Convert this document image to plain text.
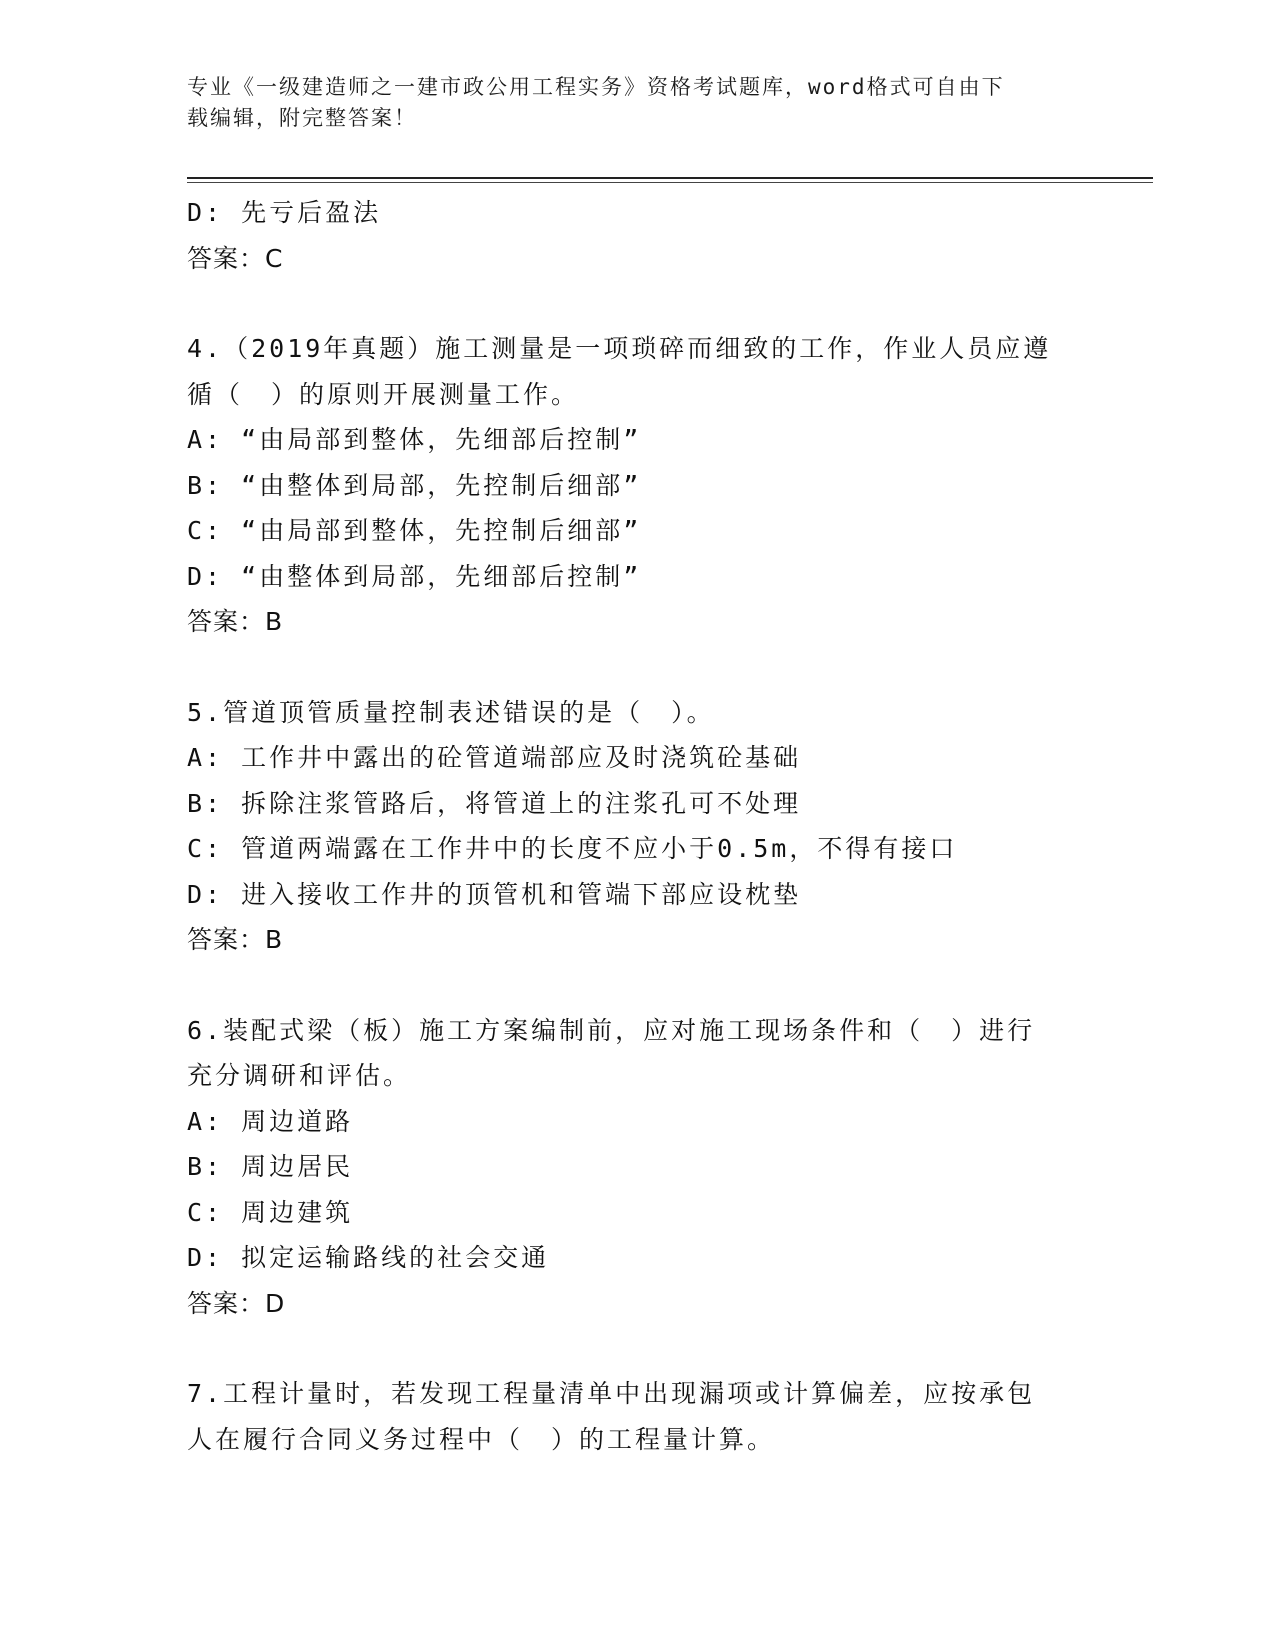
专业《一级建造师之一建市政公用工程实务》资格考试题库，word格式可自由下
载编辑，附完整答案！
D: 先亏后盈法
答案：C
4.（2019年真题）施工测量是一项琐碎而细致的工作，作业人员应遵
循（　）的原则开展测量工作。
A: “由局部到整体，先细部后控制”
B: “由整体到局部，先控制后细部”
C: “由局部到整体，先控制后细部”
D: “由整体到局部，先细部后控制”
答案：B
5.管道顶管质量控制表述错误的是（　）。
A: 工作井中露出的砼管道端部应及时浇筑砼基础
B: 拆除注浆管路后，将管道上的注浆孔可不处理
C: 管道两端露在工作井中的长度不应小于0.5m，不得有接口
D: 进入接收工作井的顶管机和管端下部应设枕垫
答案：B
6.装配式梁（板）施工方案编制前，应对施工现场条件和（　）进行
充分调研和评估。
A: 周边道路
B: 周边居民
C: 周边建筑
D: 拟定运输路线的社会交通
答案：D
7.工程计量时，若发现工程量清单中出现漏项或计算偏差，应按承包
人在履行合同义务过程中（　）的工程量计算。
